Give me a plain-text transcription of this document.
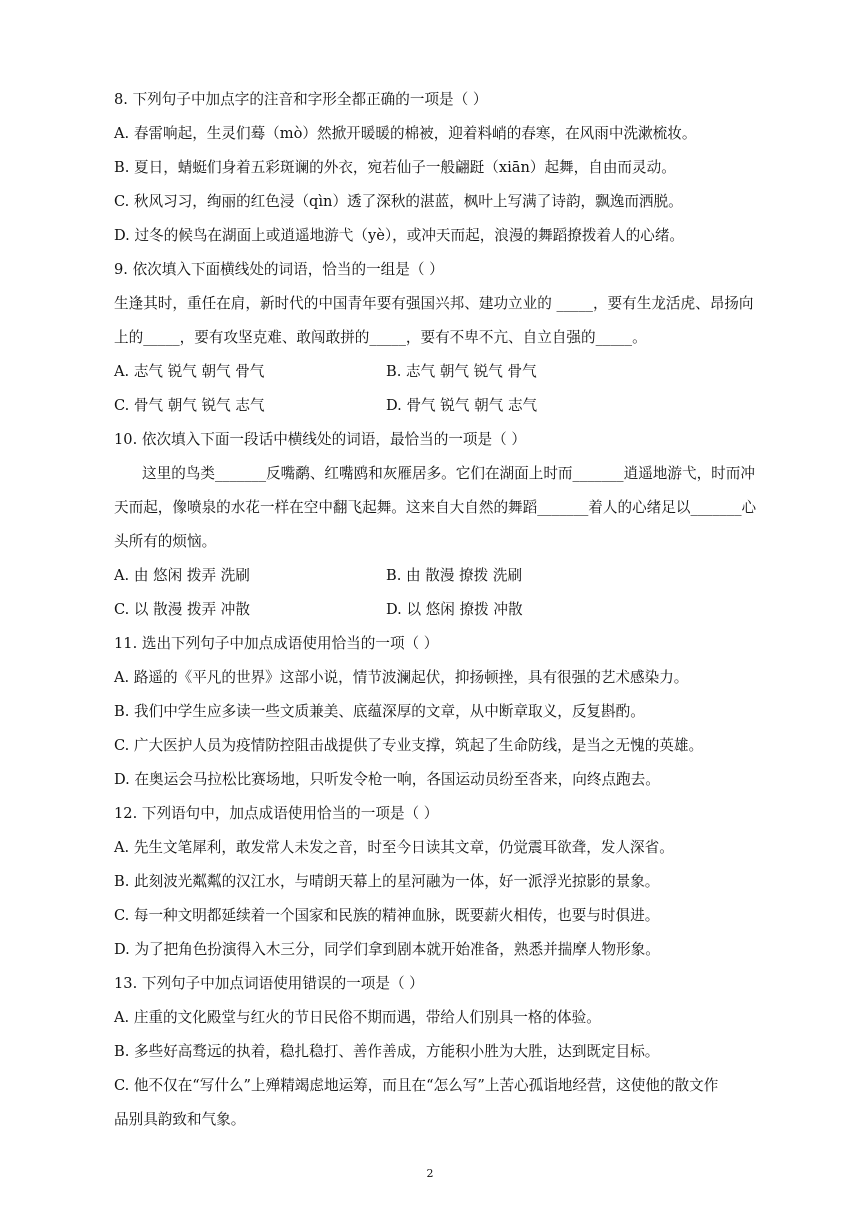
8. 下列句子中加点字的注音和字形全都正确的一项是（ ）
A. 春雷响起，生灵们蓦（mò）然掀开暖暖的棉被，迎着料峭的春寒，在风雨中洗漱梳妆。
B. 夏日，蜻蜓们身着五彩斑谰的外衣，宛若仙子一般翩跹（xiān）起舞，自由而灵动。
C. 秋风习习，绚丽的红色浸（qìn）透了深秋的湛蓝，枫叶上写满了诗韵，飘逸而洒脱。
D. 过冬的候鸟在湖面上或逍遥地游弋（yè），或冲天而起，浪漫的舞蹈撩拨着人的心绪。
9. 依次填入下面横线处的词语，恰当的一组是（ ）
生逢其时，重任在肩，新时代的中国青年要有强国兴邦、建功立业的 _____，要有生龙活虎、昂扬向
上的_____，要有攻坚克难、敢闯敢拼的_____，要有不卑不亢、自立自强的_____。
A. 志气 锐气 朝气 骨气	B. 志气 朝气 锐气 骨气
C. 骨气 朝气 锐气 志气	D. 骨气 锐气 朝气 志气
10. 依次填入下面一段话中横线处的词语，最恰当的一项是（ ）
这里的鸟类_______反嘴鹬、红嘴鸥和灰雁居多。它们在湖面上时而_______逍遥地游弋，时而冲
天而起，像喷泉的水花一样在空中翻飞起舞。这来自大自然的舞蹈_______着人的心绪足以_______心
头所有的烦恼。
A. 由 悠闲 拨弄 洗刷	B. 由 散漫 撩拨 洗刷
C. 以 散漫 拨弄 冲散	D. 以 悠闲 撩拨 冲散
11. 选出下列句子中加点成语使用恰当的一项（ ）
A. 路遥的《平凡的世界》这部小说，情节波澜起伏，抑扬顿挫，具有很强的艺术感染力。
B. 我们中学生应多读一些文质兼美、底蕴深厚的文章，从中断章取义，反复斟酌。
C. 广大医护人员为疫情防控阻击战提供了专业支撑，筑起了生命防线，是当之无愧的英雄。
D. 在奥运会马拉松比赛场地，只听发令枪一响，各国运动员纷至沓来，向终点跑去。
12. 下列语句中，加点成语使用恰当的一项是（ ）
A. 先生文笔犀利，敢发常人未发之音，时至今日读其文章，仍觉震耳欲聋，发人深省。
B. 此刻波光粼粼的汉江水，与晴朗天幕上的星河融为一体，好一派浮光掠影的景象。
C. 每一种文明都延续着一个国家和民族的精神血脉，既要薪火相传，也要与时俱进。
D. 为了把角色扮演得入木三分，同学们拿到剧本就开始准备，熟悉并揣摩人物形象。
13. 下列句子中加点词语使用错误的一项是（ ）
A. 庄重的文化殿堂与红火的节日民俗不期而遇，带给人们别具一格的体验。
B. 多些好高骛远的执着，稳扎稳打、善作善成，方能积小胜为大胜，达到既定目标。
C. 他不仅在“写什么”上殚精竭虑地运筹，而且在“怎么写”上苦心孤诣地经营，这使他的散文作
品别具韵致和气象。
2
